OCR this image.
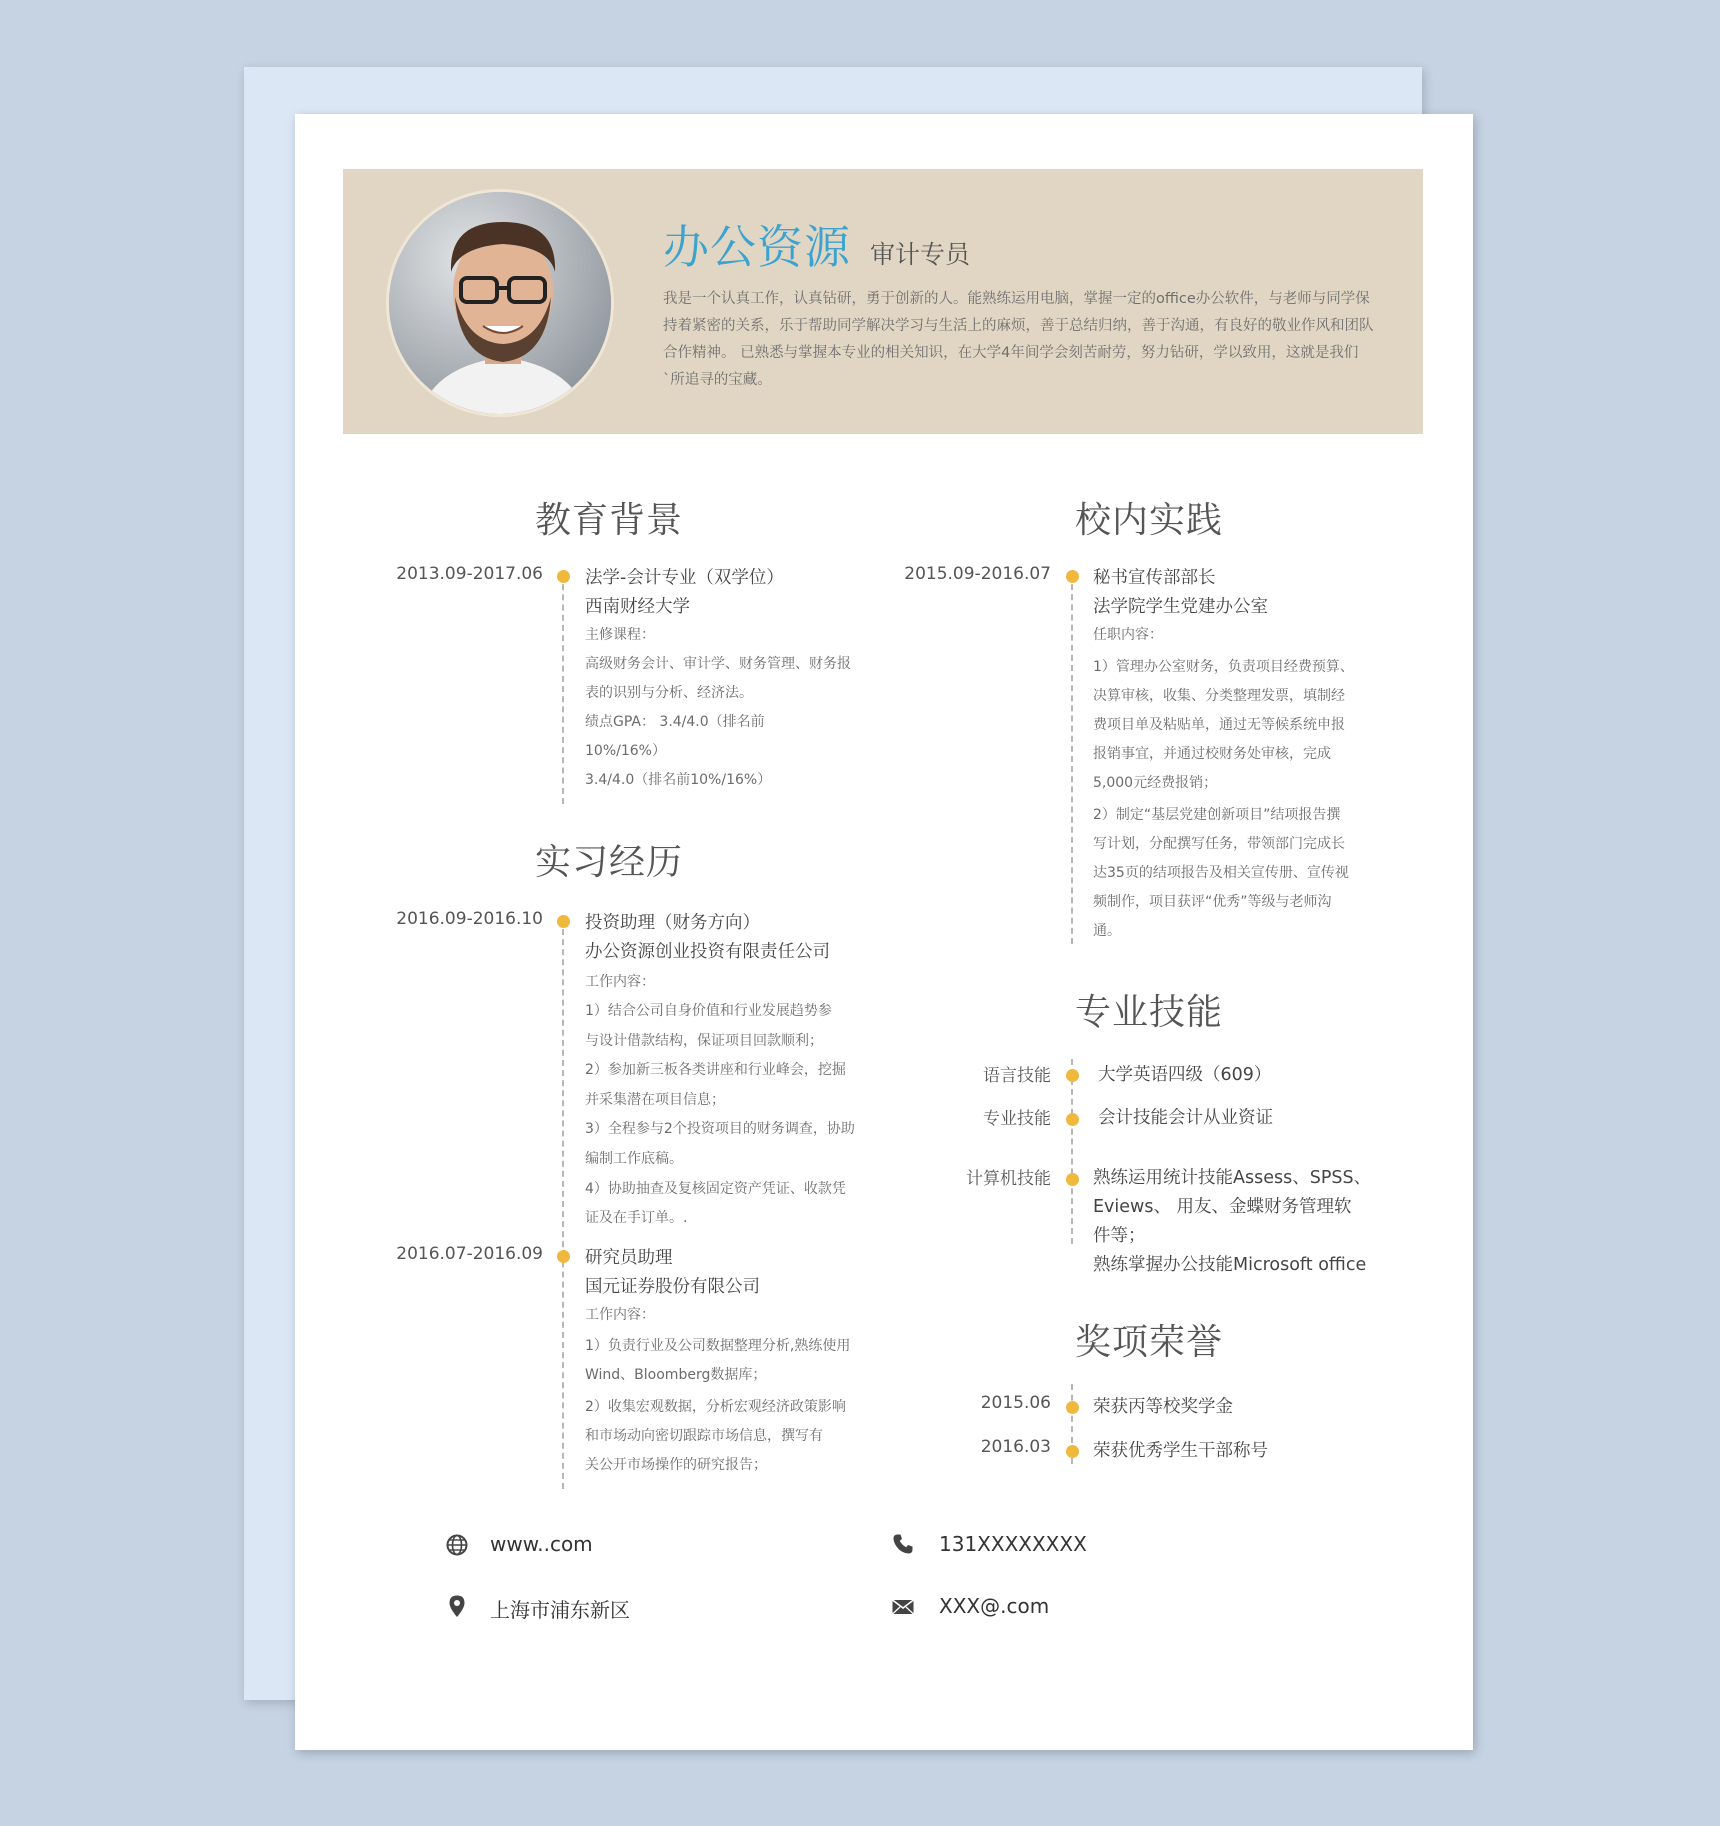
办公资源 审计专员
我是一个认真工作，认真钻研，勇于创新的人。能熟练运用电脑，掌握一定的office办公软件，与老师与同学保
持着紧密的关系，乐于帮助同学解决学习与生活上的麻烦，善于总结归纳，善于沟通，有良好的敬业作风和团队
合作精神。 已熟悉与掌握本专业的相关知识，在大学4年间学会刻苦耐劳，努力钻研，学以致用，这就是我们
`所追寻的宝藏。
教育背景
2013.09-2017.06 法学-会计专业（双学位）
西南财经大学
主修课程：
高级财务会计、审计学、财务管理、财务报
表的识别与分析、经济法。
绩点GPA： 3.4/4.0（排名前
10%/16%）
3.4/4.0（排名前10%/16%）
实习经历
2016.09-2016.10 投资助理（财务方向）
办公资源创业投资有限责任公司
工作内容：
1）结合公司自身价值和行业发展趋势参
与设计借款结构，保证项目回款顺利；
2）参加新三板各类讲座和行业峰会，挖掘
并采集潜在项目信息；
3）全程参与2个投资项目的财务调查，协助
编制工作底稿。
4）协助抽查及复核固定资产凭证、收款凭
证及在手订单。.
2016.07-2016.09 研究员助理
国元证券股份有限公司
工作内容：
1）负责行业及公司数据整理分析,熟练使用
Wind、Bloomberg数据库；
2）收集宏观数据，分析宏观经济政策影响
和市场动向密切跟踪市场信息，撰写有
关公开市场操作的研究报告；
校内实践
2015.09-2016.07 秘书宣传部部长
法学院学生党建办公室
任职内容：
1）管理办公室财务，负责项目经费预算、
决算审核，收集、分类整理发票，填制经
费项目单及粘贴单，通过无等候系统申报
报销事宜，并通过校财务处审核，完成
5,000元经费报销；
2）制定“基层党建创新项目”结项报告撰
写计划，分配撰写任务，带领部门完成长
达35页的结项报告及相关宣传册、宣传视
频制作，项目获评“优秀”等级与老师沟
通。
专业技能
语言技能	大学英语四级（609）
专业技能	会计技能会计从业资证
计算机技能 熟练运用统计技能Assess、SPSS、
Eviews、 用友、金蝶财务管理软
件等；
熟练掌握办公技能Microsoft office
奖项荣誉
2015.06 荣获丙等校奖学金
2016.03 荣获优秀学生干部称号
www..com	131XXXXXXXX
上海市浦东新区	XXX@.com
